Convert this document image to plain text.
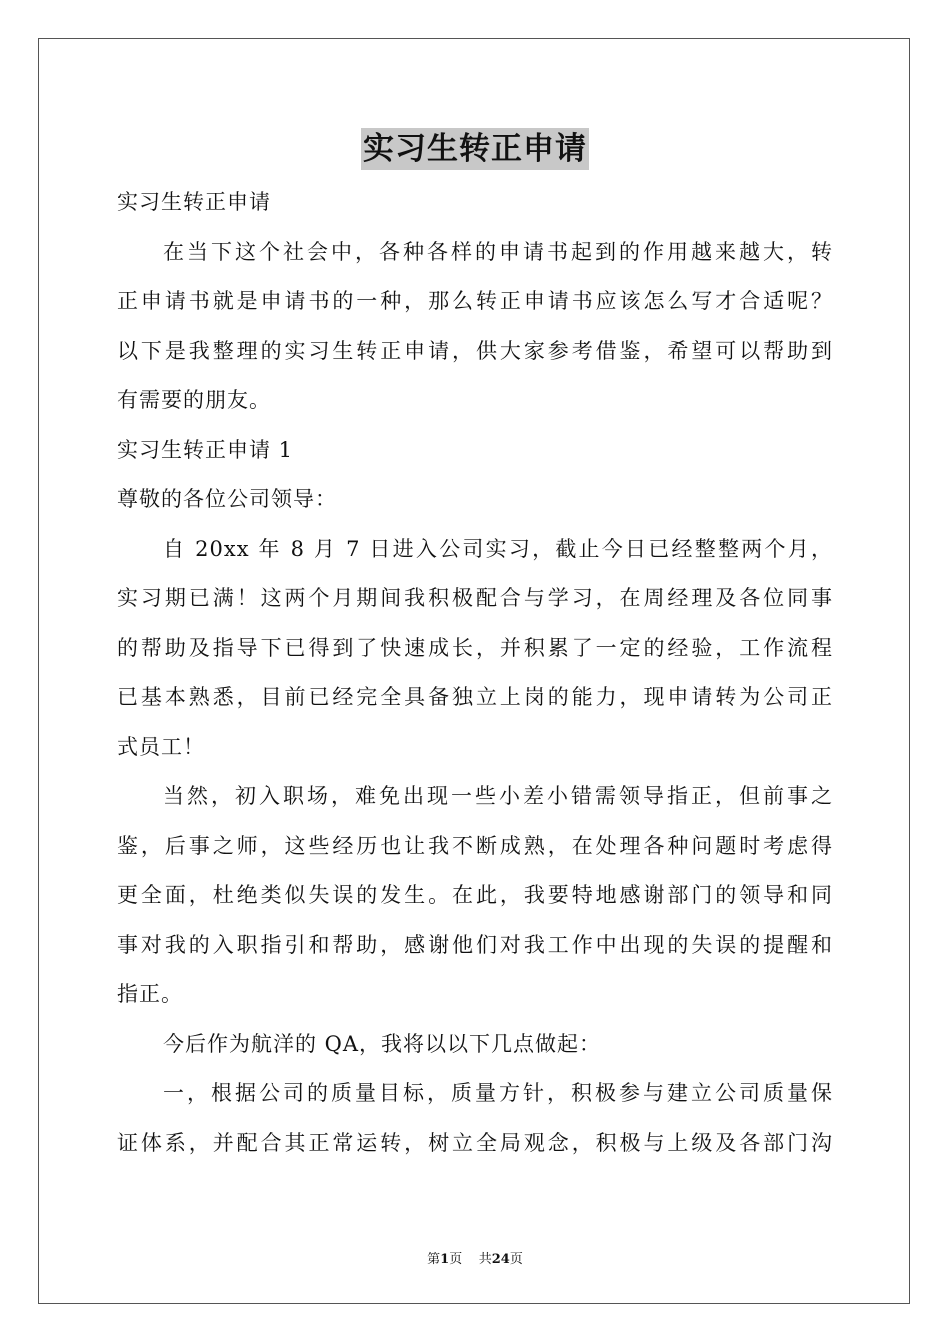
实习生转正申请
实习生转正申请
在当下这个社会中，各种各样的申请书起到的作用越来越大，转
正申请书就是申请书的一种，那么转正申请书应该怎么写才合适呢？
以下是我整理的实习生转正申请，供大家参考借鉴，希望可以帮助到
有需要的朋友。
实习生转正申请 1
尊敬的各位公司领导：
自 20xx 年 8 月 7 日进入公司实习，截止今日已经整整两个月，
实习期已满！这两个月期间我积极配合与学习，在周经理及各位同事
的帮助及指导下已得到了快速成长，并积累了一定的经验，工作流程
已基本熟悉，目前已经完全具备独立上岗的能力，现申请转为公司正
式员工！
当然，初入职场，难免出现一些小差小错需领导指正，但前事之
鉴，后事之师，这些经历也让我不断成熟，在处理各种问题时考虑得
更全面，杜绝类似失误的发生。在此，我要特地感谢部门的领导和同
事对我的入职指引和帮助，感谢他们对我工作中出现的失误的提醒和
指正。
今后作为航洋的 QA，我将以以下几点做起：
一，根据公司的质量目标，质量方针，积极参与建立公司质量保
证体系，并配合其正常运转，树立全局观念，积极与上级及各部门沟
第1页 共24页
